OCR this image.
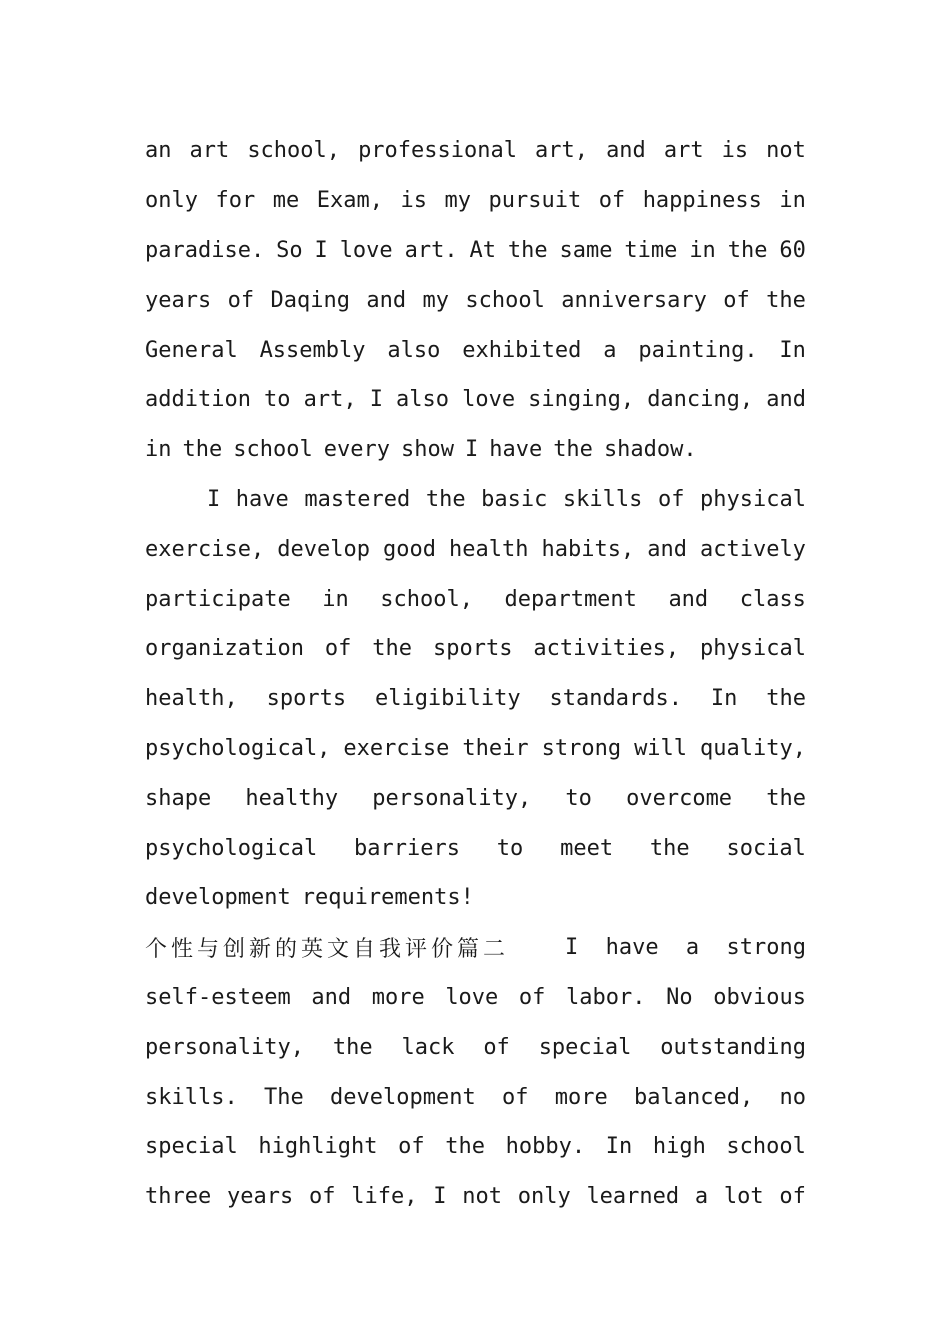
an art school, professional art, and art is not
only for me Exam, is my pursuit of happiness in
paradise. So I love art. At the same time in the 60
years of Daqing and my school anniversary of the
General Assembly also exhibited a painting. In
addition to art, I also love singing, dancing, and
in the school every show I have the shadow.
I have mastered the basic skills of physical
exercise, develop good health habits, and actively
participate in school, department and class
organization of the sports activities, physical
health, sports eligibility standards. In the
psychological, exercise their strong will quality,
shape healthy personality, to overcome the
psychological barriers to meet the social
development requirements!
个性与创新的英文自我评价篇二	I have a strong
self-esteem and more love of labor. No obvious
personality, the lack of special outstanding
skills. The development of more balanced, no
special highlight of the hobby. In high school
three years of life, I not only learned a lot of
